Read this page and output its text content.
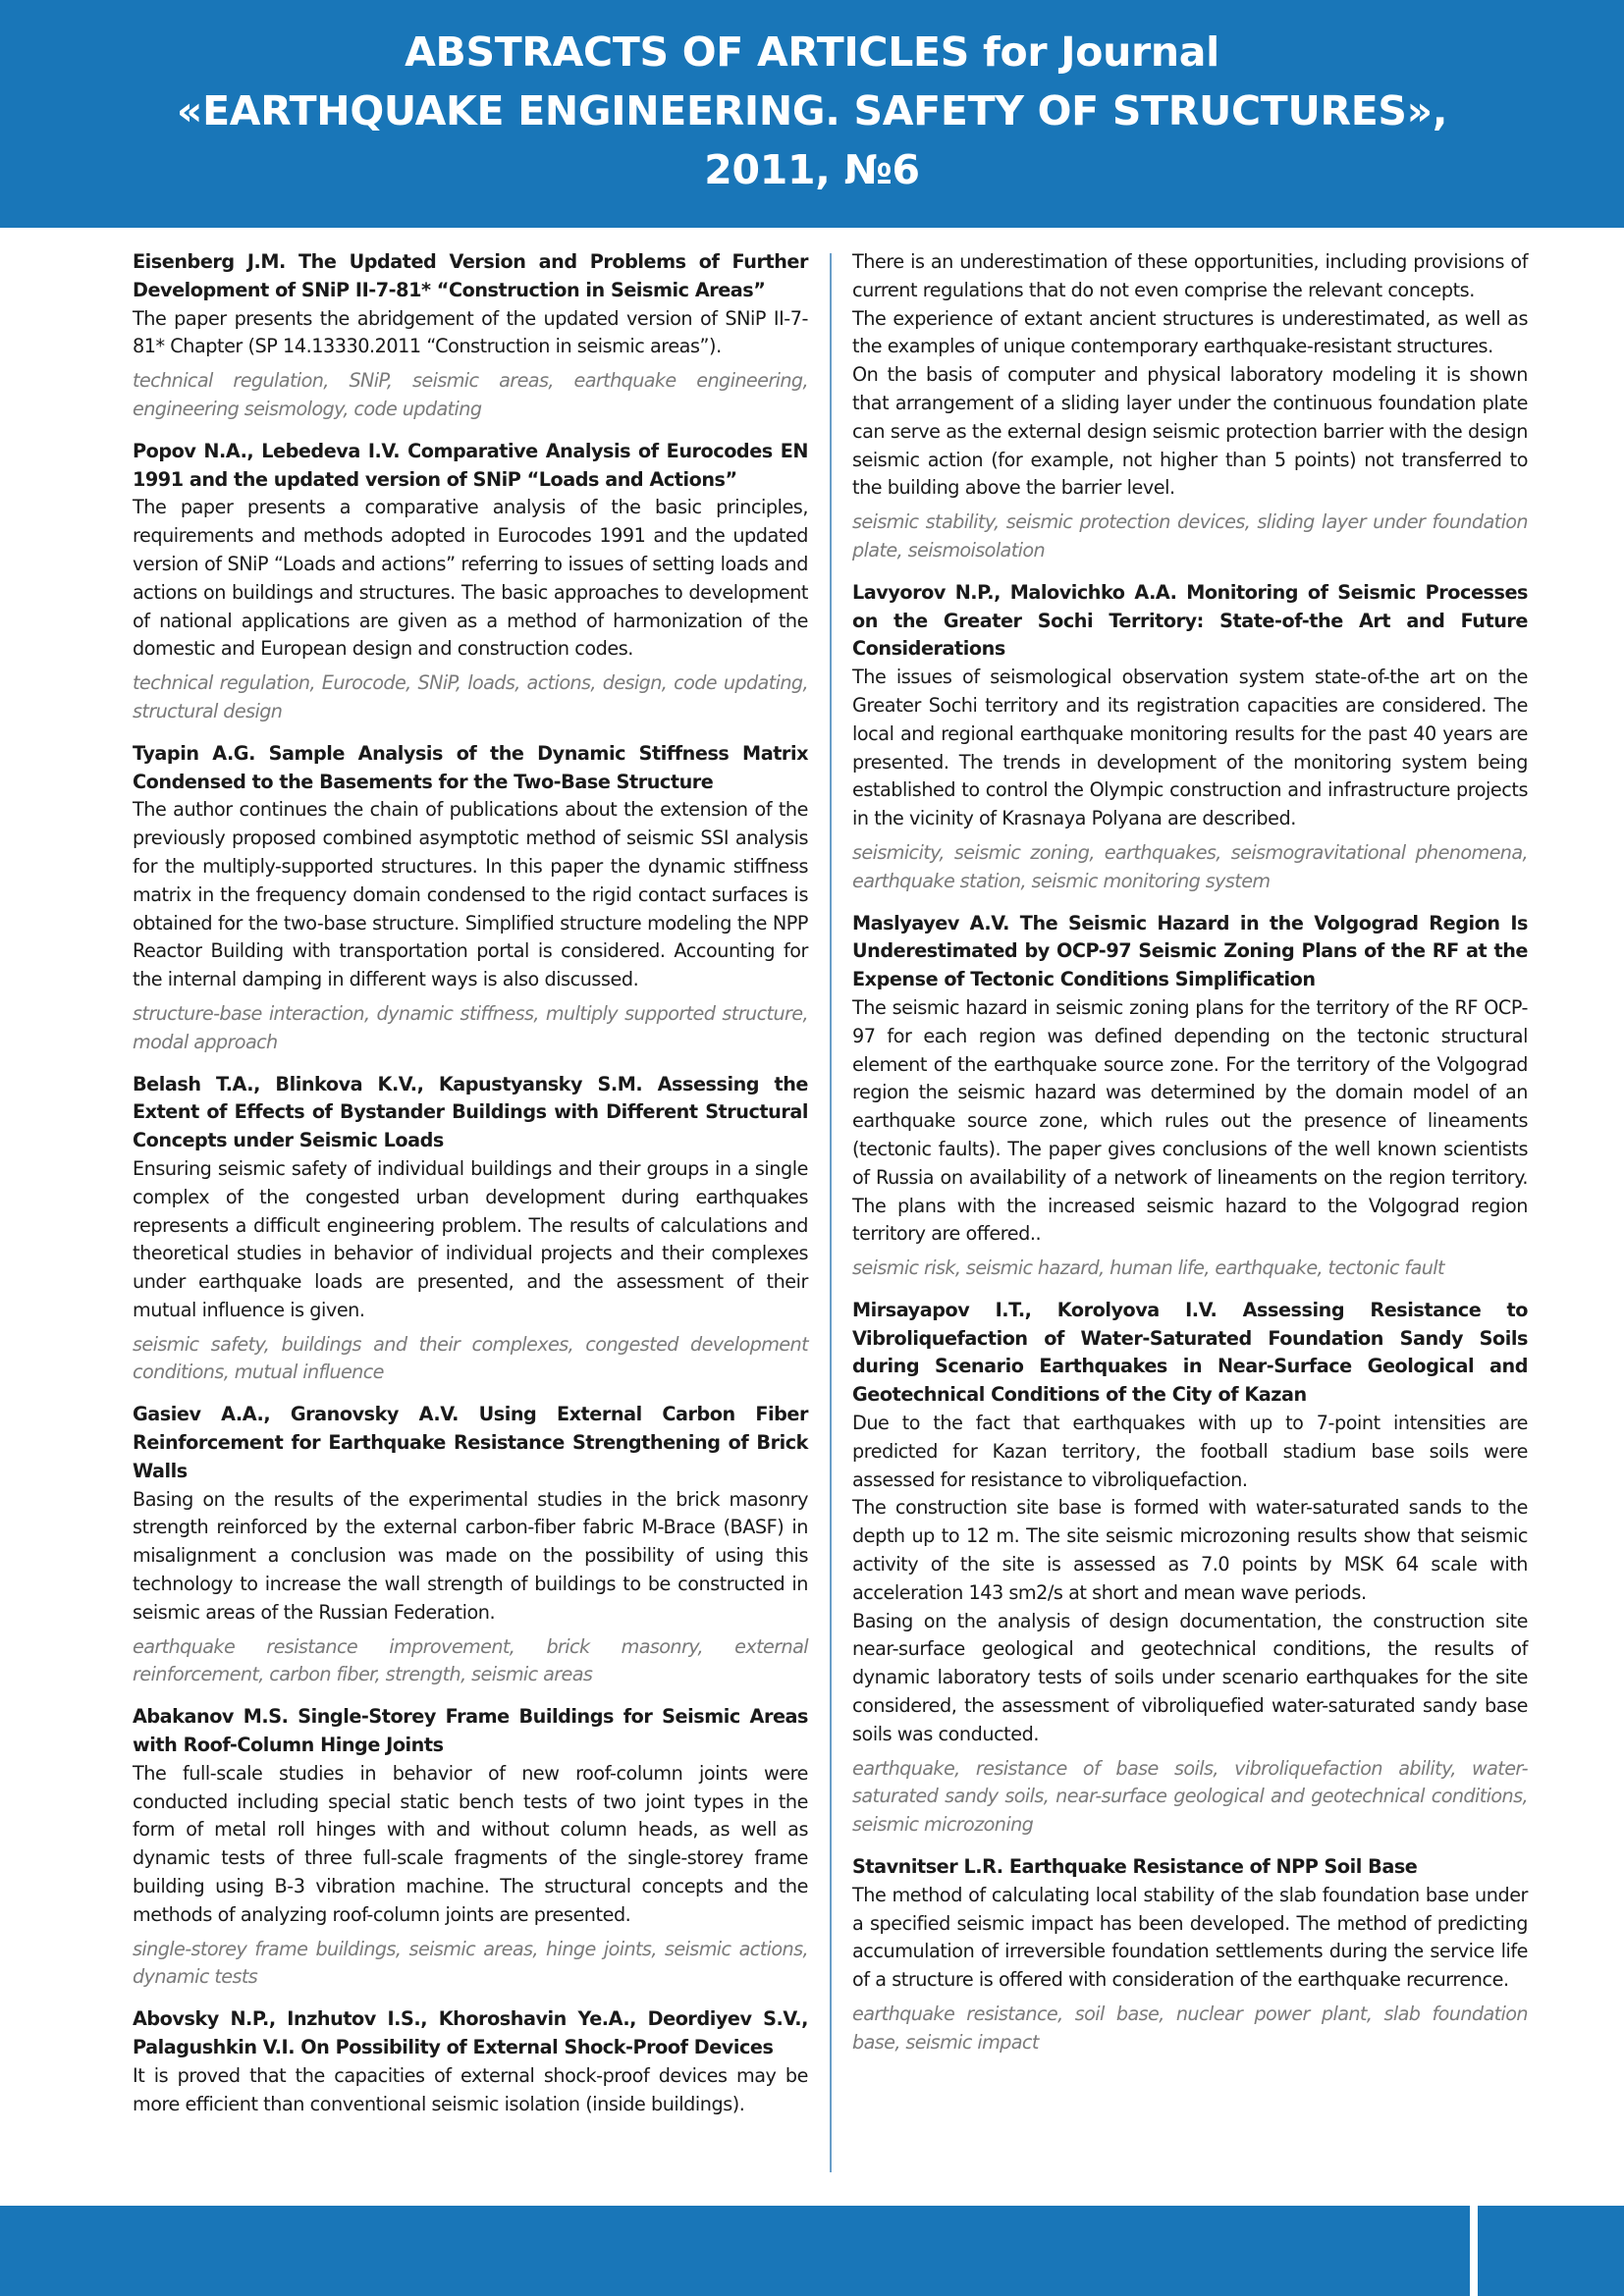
ABSTRACTS OF ARTICLES for Journal
«EARTHQUAKE ENGINEERING. SAFETY OF STRUCTURES»,
2011, №6
Eisenberg J.M. The Updated Version and Problems of Further Development of SNiP II-7-81* “Construction in Seismic Areas”

The paper presents the abridgement of the updated version of SNiP II-7-81* Chapter (SP 14.13330.2011 “Construction in seismic areas”).

technical regulation, SNiP, seismic areas, earthquake engineering, engineering seismology, code updating
Popov N.A., Lebedeva I.V. Comparative Analysis of Eurocodes EN 1991 and the updated version of SNiP “Loads and Actions”

The paper presents a comparative analysis of the basic principles, requirements and methods adopted in Eurocodes 1991 and the updated version of SNiP “Loads and actions” referring to issues of setting loads and actions on buildings and structures. The basic approaches to development of national applications are given as a method of harmonization of the domestic and European design and construction codes.

technical regulation, Eurocode, SNiP, loads, actions, design, code updating, structural design
Tyapin A.G. Sample Analysis of the Dynamic Stiffness Matrix Condensed to the Basements for the Two-Base Structure

The author continues the chain of publications about the extension of the previously proposed combined asymptotic method of seismic SSI analysis for the multiply-supported structures. In this paper the dynamic stiffness matrix in the frequency domain condensed to the rigid contact surfaces is obtained for the two-base structure. Simplified structure modeling the NPP Reactor Building with transportation portal is considered. Accounting for the internal damping in different ways is also discussed.

structure-base interaction, dynamic stiffness, multiply supported structure, modal approach
Belash T.A., Blinkova K.V., Kapustyansky S.M. Assessing the Extent of Effects of Bystander Buildings with Different Structural Concepts under Seismic Loads

Ensuring seismic safety of individual buildings and their groups in a single complex of the congested urban development during earthquakes represents a difficult engineering problem. The results of calculations and theoretical studies in behavior of individual projects and their complexes under earthquake loads are presented, and the assessment of their mutual influence is given.

seismic safety, buildings and their complexes, congested development conditions, mutual influence
Gasiev A.A., Granovsky A.V. Using External Carbon Fiber Reinforcement for Earthquake Resistance Strengthening of Brick Walls

Basing on the results of the experimental studies in the brick masonry strength reinforced by the external carbon-fiber fabric M-Brace (BASF) in misalignment a conclusion was made on the possibility of using this technology to increase the wall strength of buildings to be constructed in seismic areas of the Russian Federation.

earthquake resistance improvement, brick masonry, external reinforcement, carbon fiber, strength, seismic areas
Abakanov M.S. Single-Storey Frame Buildings for Seismic Areas with Roof-Column Hinge Joints

The full-scale studies in behavior of new roof-column joints were conducted including special static bench tests of two joint types in the form of metal roll hinges with and without column heads, as well as dynamic tests of three full-scale fragments of the single-storey frame building using B-3 vibration machine. The structural concepts and the methods of analyzing roof-column joints are presented.

single-storey frame buildings, seismic areas, hinge joints, seismic actions, dynamic tests
Abovsky N.P., Inzhutov I.S., Khoroshavin Ye.A., Deordiyev S.V., Palagushkin V.I. On Possibility of External Shock-Proof Devices

It is proved that the capacities of external shock-proof devices may be more efficient than conventional seismic isolation (inside buildings).

There is an underestimation of these opportunities, including provisions of current regulations that do not even comprise the relevant concepts.

The experience of extant ancient structures is underestimated, as well as the examples of unique contemporary earthquake-resistant structures.

On the basis of computer and physical laboratory modeling it is shown that arrangement of a sliding layer under the continuous foundation plate can serve as the external design seismic protection barrier with the design seismic action (for example, not higher than 5 points) not transferred to the building above the barrier level.

seismic stability, seismic protection devices, sliding layer under foundation plate, seismoisolation
Lavyorov N.P., Malovichko A.A. Monitoring of Seismic Processes on the Greater Sochi Territory: State-of-the Art and Future Considerations

The issues of seismological observation system state-of-the art on the Greater Sochi territory and its registration capacities are considered. The local and regional earthquake monitoring results for the past 40 years are presented. The trends in development of the monitoring system being established to control the Olympic construction and infrastructure projects in the vicinity of Krasnaya Polyana are described.

seismicity, seismic zoning, earthquakes, seismogravitational phenomena, earthquake station, seismic monitoring system
Maslyayev A.V. The Seismic Hazard in the Volgograd Region Is Underestimated by OCP-97 Seismic Zoning Plans of the RF at the Expense of Tectonic Conditions Simplification

The seismic hazard in seismic zoning plans for the territory of the RF OCP-97 for each region was defined depending on the tectonic structural element of the earthquake source zone. For the territory of the Volgograd region the seismic hazard was determined by the domain model of an earthquake source zone, which rules out the presence of lineaments (tectonic faults). The paper gives conclusions of the well known scientists of Russia on availability of a network of lineaments on the region territory. The plans with the increased seismic hazard to the Volgograd region territory are offered..

seismic risk, seismic hazard, human life, earthquake, tectonic fault
Mirsayapov I.T., Korolyova I.V. Assessing Resistance to Vibroliquefaction of Water-Saturated Foundation Sandy Soils during Scenario Earthquakes in Near-Surface Geological and Geotechnical Conditions of the City of Kazan

Due to the fact that earthquakes with up to 7-point intensities are predicted for Kazan territory, the football stadium base soils were assessed for resistance to vibroliquefaction.

The construction site base is formed with water-saturated sands to the depth up to 12 m. The site seismic microzoning results show that seismic activity of the site is assessed as 7.0 points by MSK 64 scale with acceleration 143 sm2/s at short and mean wave periods.

Basing on the analysis of design documentation, the construction site near-surface geological and geotechnical conditions, the results of dynamic laboratory tests of soils under scenario earthquakes for the site considered, the assessment of vibroliquefied water-saturated sandy base soils was conducted.

earthquake, resistance of base soils, vibroliquefaction ability, water-saturated sandy soils, near-surface geological and geotechnical conditions, seismic microzoning
Stavnitser L.R. Earthquake Resistance of NPP Soil Base

The method of calculating local stability of the slab foundation base under a specified seismic impact has been developed. The method of predicting accumulation of irreversible foundation settlements during the service life of a structure is offered with consideration of the earthquake recurrence.

earthquake resistance, soil base, nuclear power plant, slab foundation base, seismic impact
